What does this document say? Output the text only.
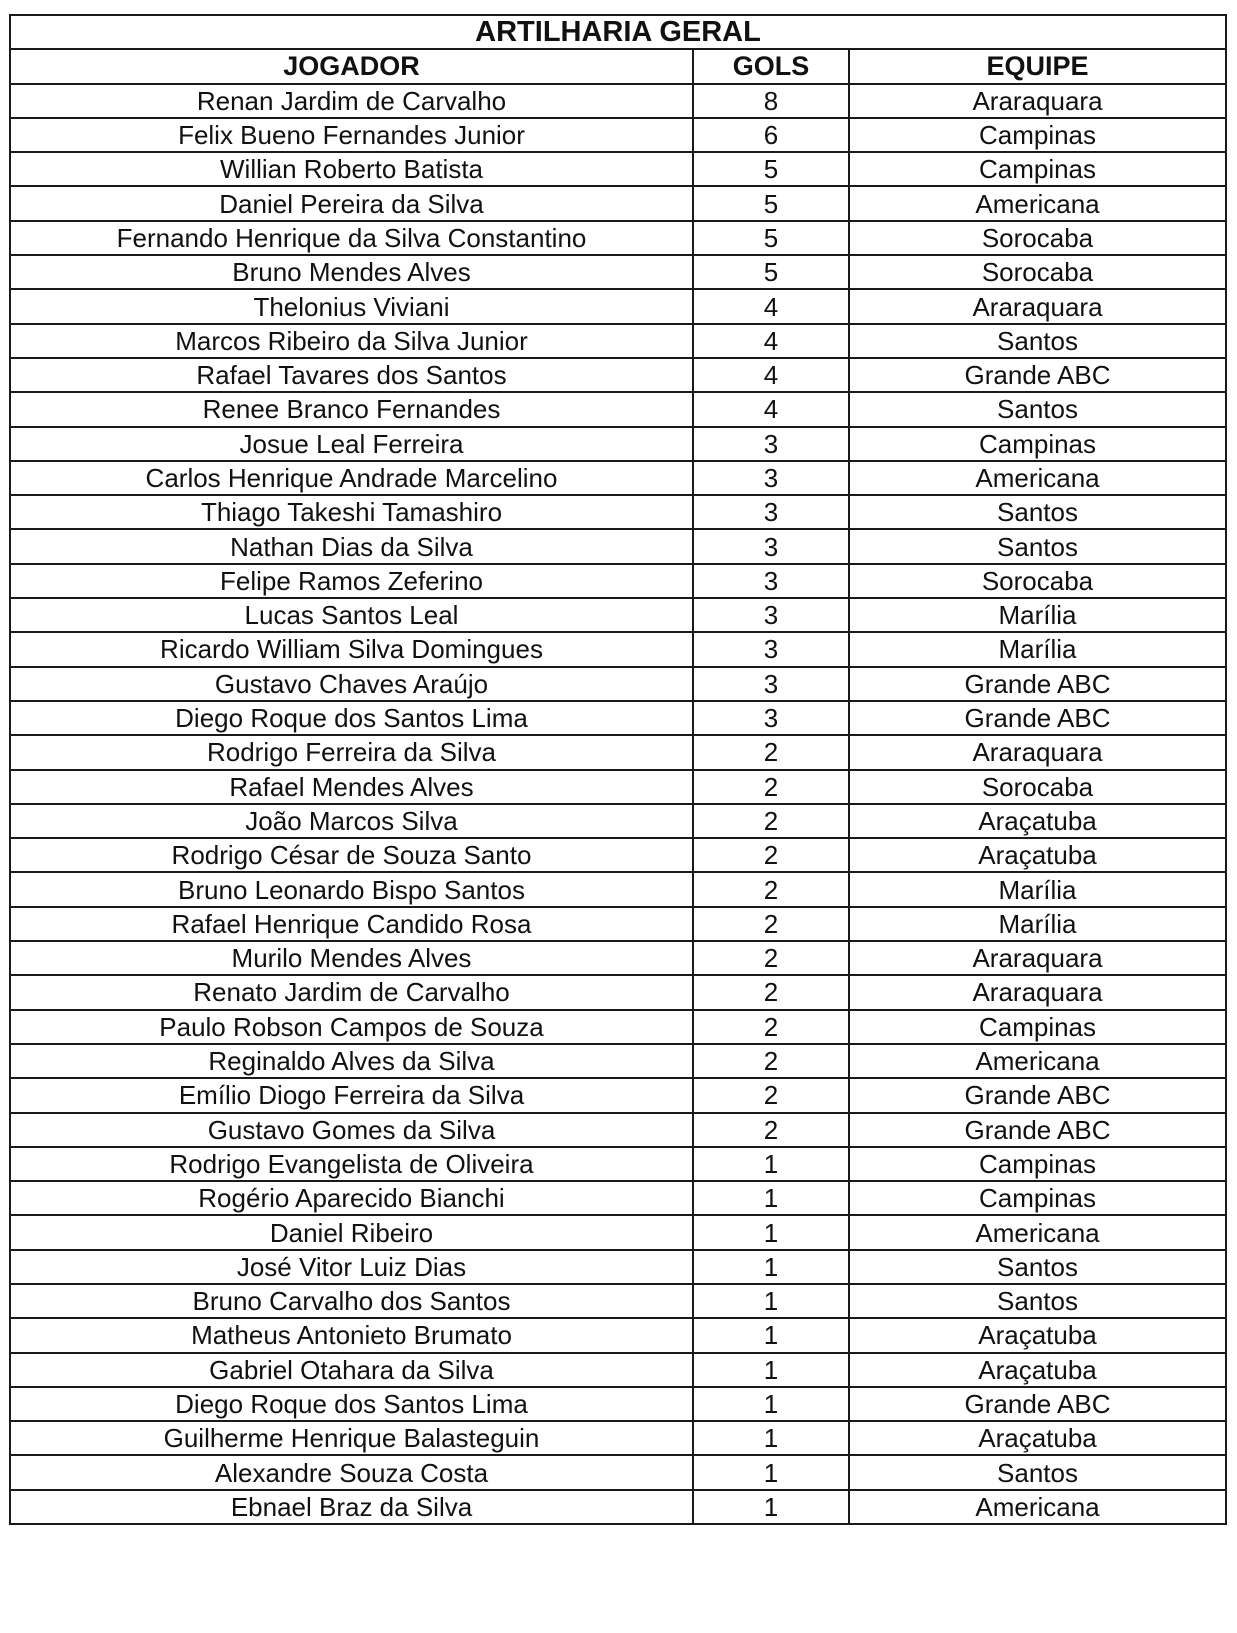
ARTILHARIA GERAL		
JOGADOR	GOLS	EQUIPE
Renan Jardim de Carvalho	8	Araraquara
Felix Bueno Fernandes Junior	6	Campinas
Willian Roberto Batista	5	Campinas
Daniel Pereira da Silva	5	Americana
Fernando Henrique da Silva Constantino	5	Sorocaba
Bruno Mendes Alves	5	Sorocaba
Thelonius Viviani	4	Araraquara
Marcos Ribeiro da Silva Junior	4	Santos
Rafael Tavares dos Santos	4	Grande ABC
Renee Branco Fernandes	4	Santos
Josue Leal Ferreira	3	Campinas
Carlos Henrique Andrade Marcelino	3	Americana
Thiago Takeshi Tamashiro	3	Santos
Nathan Dias da Silva	3	Santos
Felipe Ramos Zeferino	3	Sorocaba
Lucas Santos Leal	3	Marília
Ricardo William Silva Domingues	3	Marília
Gustavo Chaves Araújo	3	Grande ABC
Diego Roque dos Santos Lima	3	Grande ABC
Rodrigo Ferreira da Silva	2	Araraquara
Rafael Mendes Alves	2	Sorocaba
João Marcos Silva	2	Araçatuba
Rodrigo César de Souza Santo	2	Araçatuba
Bruno Leonardo Bispo Santos	2	Marília
Rafael Henrique Candido Rosa	2	Marília
Murilo Mendes Alves	2	Araraquara
Renato Jardim de Carvalho	2	Araraquara
Paulo Robson Campos de Souza	2	Campinas
Reginaldo Alves da Silva	2	Americana
Emílio Diogo Ferreira da Silva	2	Grande ABC
Gustavo Gomes da Silva	2	Grande ABC
Rodrigo Evangelista de Oliveira	1	Campinas
Rogério Aparecido Bianchi	1	Campinas
Daniel Ribeiro	1	Americana
José Vitor Luiz Dias	1	Santos
Bruno Carvalho dos Santos	1	Santos
Matheus Antonieto Brumato	1	Araçatuba
Gabriel Otahara da Silva	1	Araçatuba
Diego Roque dos Santos Lima	1	Grande ABC
Guilherme Henrique Balasteguin	1	Araçatuba
Alexandre Souza Costa	1	Santos
Ebnael Braz da Silva	1	Americana
